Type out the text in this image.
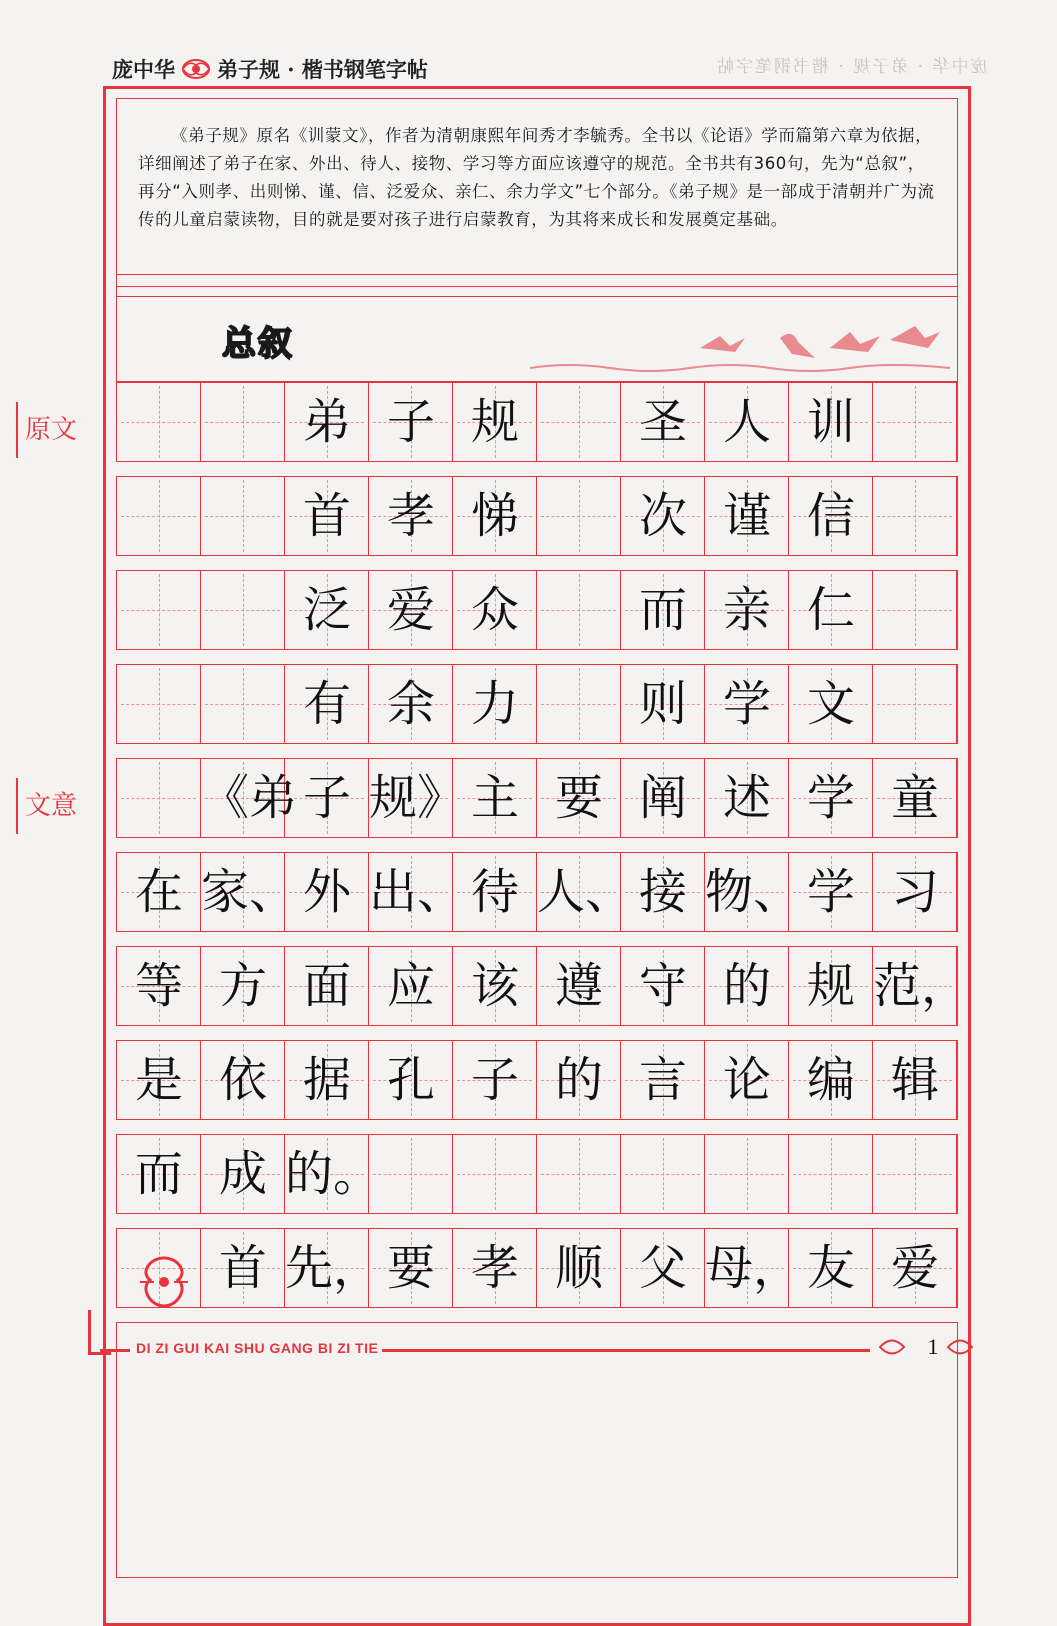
庞中华 · 弟子规 · 楷书钢笔字帖
庞中华 弟子规 · 楷书钢笔字帖
《弟子规》原名《训蒙文》，作者为清朝康熙年间秀才李毓秀。全书以《论语》学而篇第六章为依据，详细阐述了弟子在家、外出、待人、接物、学习等方面应该遵守的规范。全书共有360句，先为“总叙”，再分“入则孝、出则悌、谨、信、泛爱众、亲仁、余力学文”七个部分。《弟子规》是一部成于清朝并广为流传的儿童启蒙读物，目的就是要对孩子进行启蒙教育，为其将来成长和发展奠定基础。
总叙
弟 子 规	圣 人 训
首 孝 悌	次 谨 信
泛 爱 众	而 亲 仁
有 余 力	则 学 文
《弟 子 规》 主 要 阐 述 学 童
在 家、 外 出、 待 人、 接 物、 学 习
等 方 面 应 该 遵 守 的 规 范，
是 依 据 孔 子 的 言 论 编 辑
而 成 的。
首 先， 要 孝 顺 父 母， 友 爱
原文
文意
DI ZI GUI KAI SHU GANG BI ZI TIE	1
